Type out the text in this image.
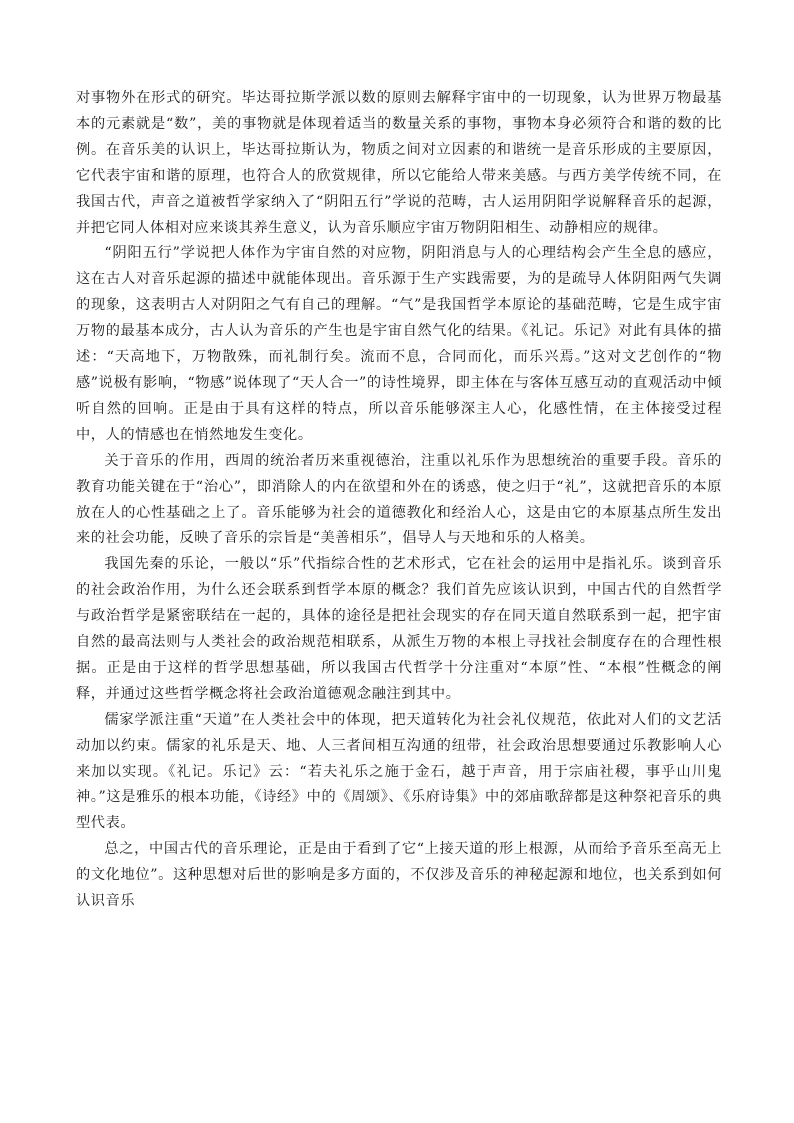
对事物外在形式的研究。毕达哥拉斯学派以数的原则去解释宇宙中的一切现象，认为世界万物最基本的元素就是“数”，美的事物就是体现着适当的数量关系的事物，事物本身必须符合和谐的数的比例。在音乐美的认识上，毕达哥拉斯认为，物质之间对立因素的和谐统一是音乐形成的主要原因，它代表宇宙和谐的原理，也符合人的欣赏规律，所以它能给人带来美感。与西方美学传统不同，在我国古代，声音之道被哲学家纳入了“阴阳五行”学说的范畴，古人运用阴阳学说解释音乐的起源，并把它同人体相对应来谈其养生意义，认为音乐顺应宇宙万物阴阳相生、动静相应的规律。

“阴阳五行”学说把人体作为宇宙自然的对应物，阴阳消息与人的心理结构会产生全息的感应，这在古人对音乐起源的描述中就能体现出。音乐源于生产实践需要，为的是疏导人体阴阳两气失调的现象，这表明古人对阴阳之气有自己的理解。“气”是我国哲学本原论的基础范畴，它是生成宇宙万物的最基本成分，古人认为音乐的产生也是宇宙自然气化的结果。《礼记。乐记》对此有具体的描述：“天高地下，万物散殊，而礼制行矣。流而不息，合同而化，而乐兴焉。”这对文艺创作的“物感”说极有影响，“物感”说体现了“天人合一”的诗性境界，即主体在与客体互感互动的直观活动中倾听自然的回响。正是由于具有这样的特点，所以音乐能够深主人心，化感性情，在主体接受过程中，人的情感也在悄然地发生变化。

关于音乐的作用，西周的统治者历来重视德治，注重以礼乐作为思想统治的重要手段。音乐的教育功能关键在于“治心”，即消除人的内在欲望和外在的诱惑，使之归于“礼”，这就把音乐的本原放在人的心性基础之上了。音乐能够为社会的道德教化和经治人心，这是由它的本原基点所生发出来的社会功能，反映了音乐的宗旨是“美善相乐”，倡导人与天地和乐的人格美。

我国先秦的乐论，一般以“乐”代指综合性的艺术形式，它在社会的运用中是指礼乐。谈到音乐的社会政治作用，为什么还会联系到哲学本原的概念？我们首先应该认识到，中国古代的自然哲学与政治哲学是紧密联结在一起的，具体的途径是把社会现实的存在同天道自然联系到一起，把宇宙自然的最高法则与人类社会的政治规范相联系，从派生万物的本根上寻找社会制度存在的合理性根据。正是由于这样的哲学思想基础，所以我国古代哲学十分注重对“本原”性、“本根”性概念的阐释，并通过这些哲学概念将社会政治道德观念融注到其中。

儒家学派注重“天道”在人类社会中的体现，把天道转化为社会礼仪规范，依此对人们的文艺活动加以约束。儒家的礼乐是天、地、人三者间相互沟通的纽带，社会政治思想要通过乐教影响人心来加以实现。《礼记。乐记》云：“若夫礼乐之施于金石，越于声音，用于宗庙社稷，事乎山川鬼神。”这是雅乐的根本功能，《诗经》中的《周颂》、《乐府诗集》中的郊庙歌辞都是这种祭祀音乐的典型代表。

总之，中国古代的音乐理论，正是由于看到了它“上接天道的形上根源，从而给予音乐至高无上的文化地位”。这种思想对后世的影响是多方面的，不仅涉及音乐的神秘起源和地位，也关系到如何认识音乐
